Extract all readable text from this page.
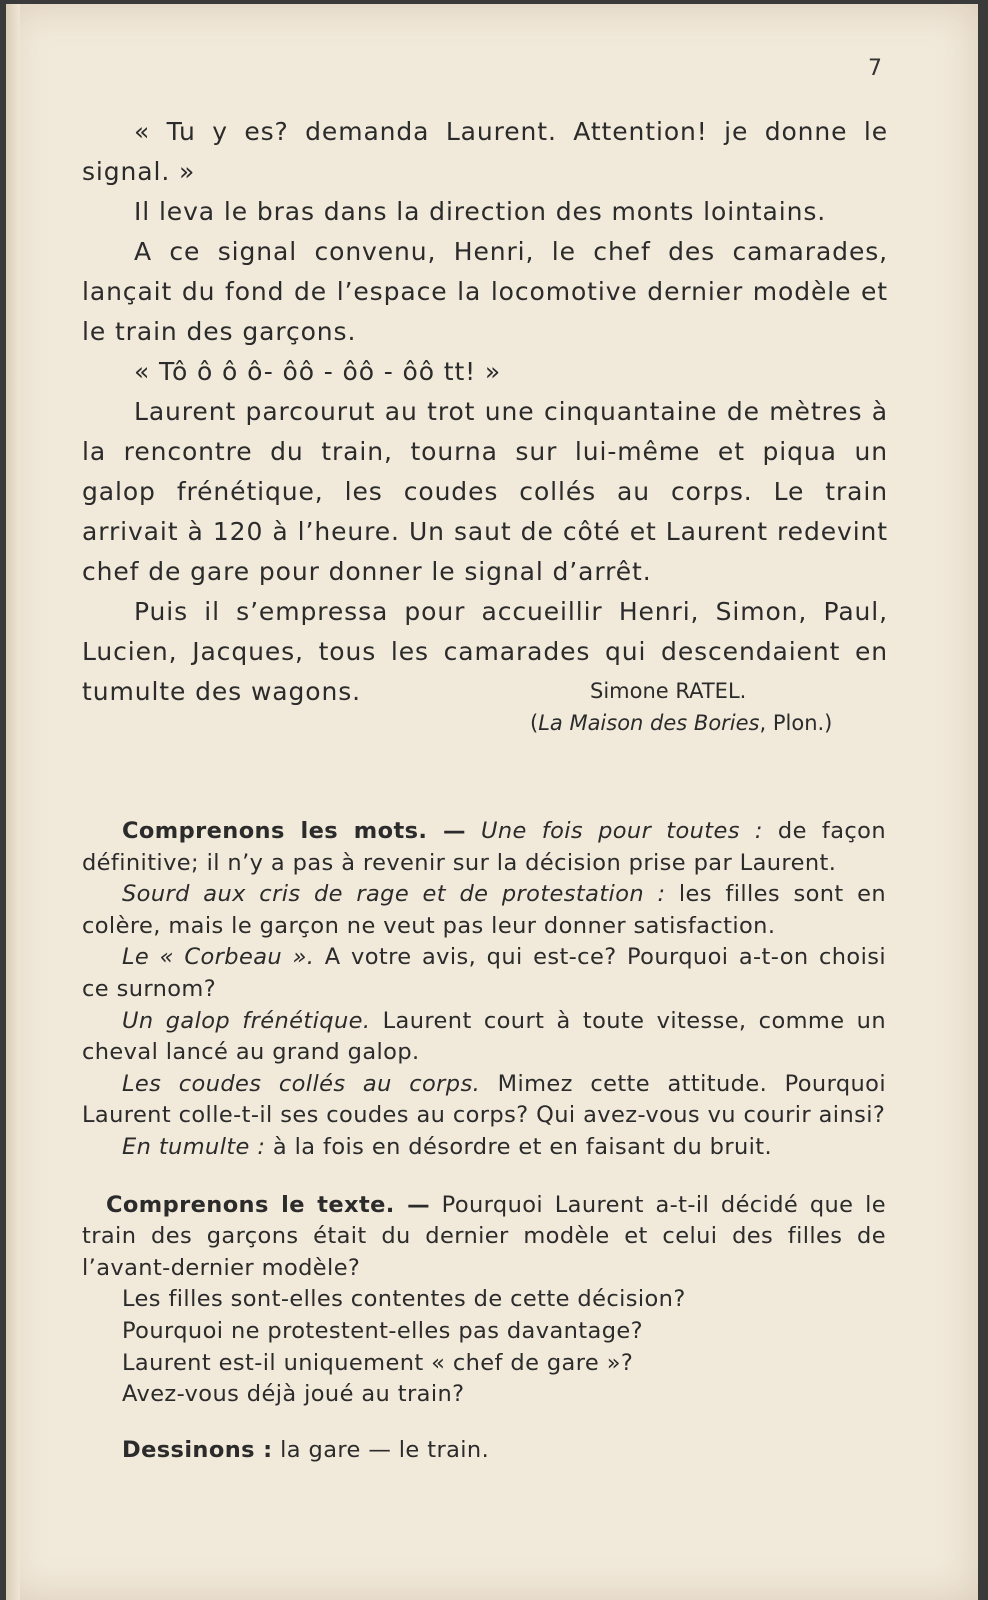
7

« Tu y es? demanda Laurent. Attention! je donne le signal. »

Il leva le bras dans la direction des monts lointains.

A ce signal convenu, Henri, le chef des camarades, lançait du fond de l’espace la locomotive dernier modèle et le train des garçons.

« Tô ô ô ô- ôô - ôô - ôô tt! »

Laurent parcourut au trot une cinquantaine de mètres à la rencontre du train, tourna sur lui-même et piqua un galop frénétique, les coudes collés au corps. Le train arrivait à 120 à l’heure. Un saut de côté et Laurent redevint chef de gare pour donner le signal d’arrêt.

Puis il s’empressa pour accueillir Henri, Simon, Paul, Lucien, Jacques, tous les camarades qui descendaient en tumulte des wagons.	Simone RATEL.
(La Maison des Bories, Plon.)

Comprenons les mots. — Une fois pour toutes : de façon définitive; il n’y a pas à revenir sur la décision prise par Laurent.

Sourd aux cris de rage et de protestation : les filles sont en colère, mais le garçon ne veut pas leur donner satisfaction.

Le « Corbeau ». A votre avis, qui est-ce? Pourquoi a-t-on choisi ce surnom?

Un galop frénétique. Laurent court à toute vitesse, comme un cheval lancé au grand galop.

Les coudes collés au corps. Mimez cette attitude. Pourquoi Laurent colle-t-il ses coudes au corps? Qui avez-vous vu courir ainsi?

En tumulte : à la fois en désordre et en faisant du bruit.

Comprenons le texte. — Pourquoi Laurent a-t-il décidé que le train des garçons était du dernier modèle et celui des filles de l’avant-dernier modèle?

Les filles sont-elles contentes de cette décision?

Pourquoi ne protestent-elles pas davantage?

Laurent est-il uniquement « chef de gare »?

Avez-vous déjà joué au train?

Dessinons : la gare — le train.
